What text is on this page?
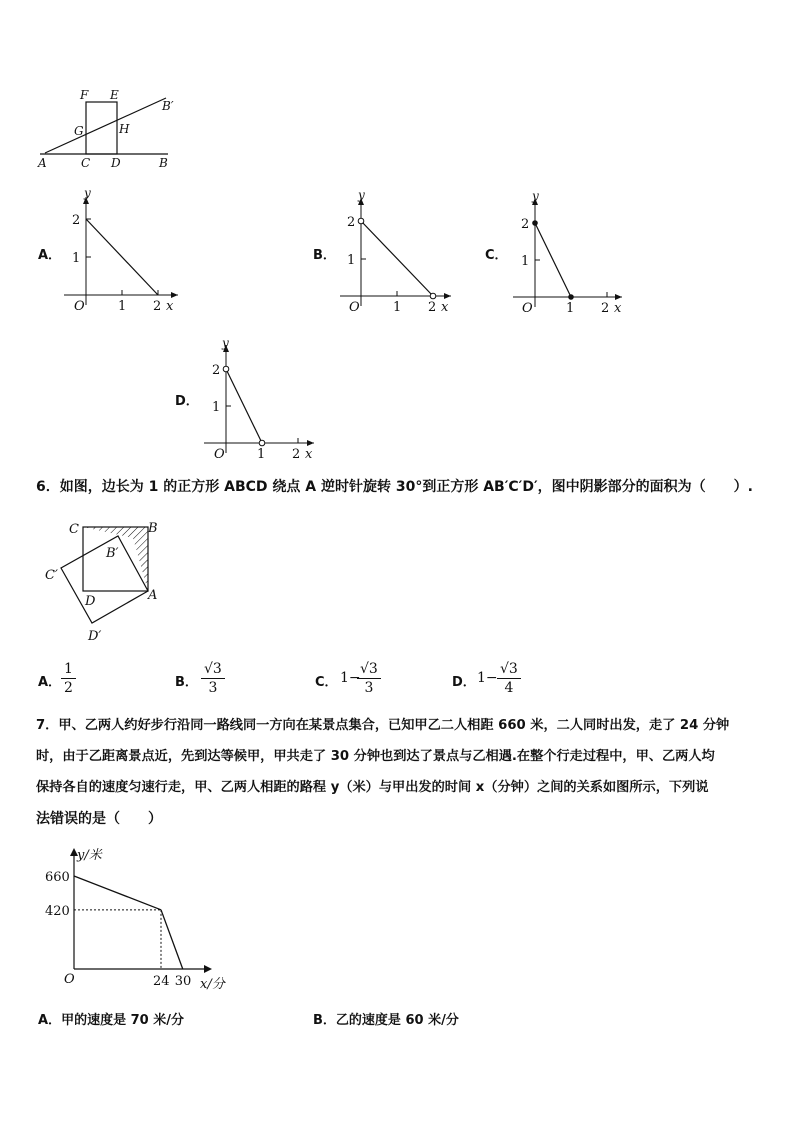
F E
B′
G	H
A	C D	B
A．
y
2
1
O	1 2 x
B．
y
2
1
O	1 2 x
C．
y
2
1
O	1 2 x
D．
y
2
1
O 1 2 x
6．如图，边长为 1 的正方形 ABCD 绕点 A 逆时针旋转 30°到正方形 AB′C′D′，图中阴影部分的面积为（　　）.
C	B
B′
C′
D	A
D′
A． $\frac{1}{2}$	B． $\frac{√3}{3}$	C． 1−
$\frac{√3}{3}$	D． $1- \frac{√3}{4}$
7．甲、乙两人约好步行沿同一路线同一方向在某景点集合，已知甲乙二人相距 660 米，二人同时出发，走了 24 分钟
时，由于乙距离景点近，先到达等候甲，甲共走了 30 分钟也到达了景点与乙相遇.在整个行走过程中，甲、乙两人均
保持各自的速度匀速行走，甲、乙两人相距的路程 y（米）与甲出发的时间 x（分钟）之间的关系如图所示，下列说
法错误的是（　　）
y/米
x/分
O
660
420
24 30
A．甲的速度是 70 米/分	B．乙的速度是 60 米/分
